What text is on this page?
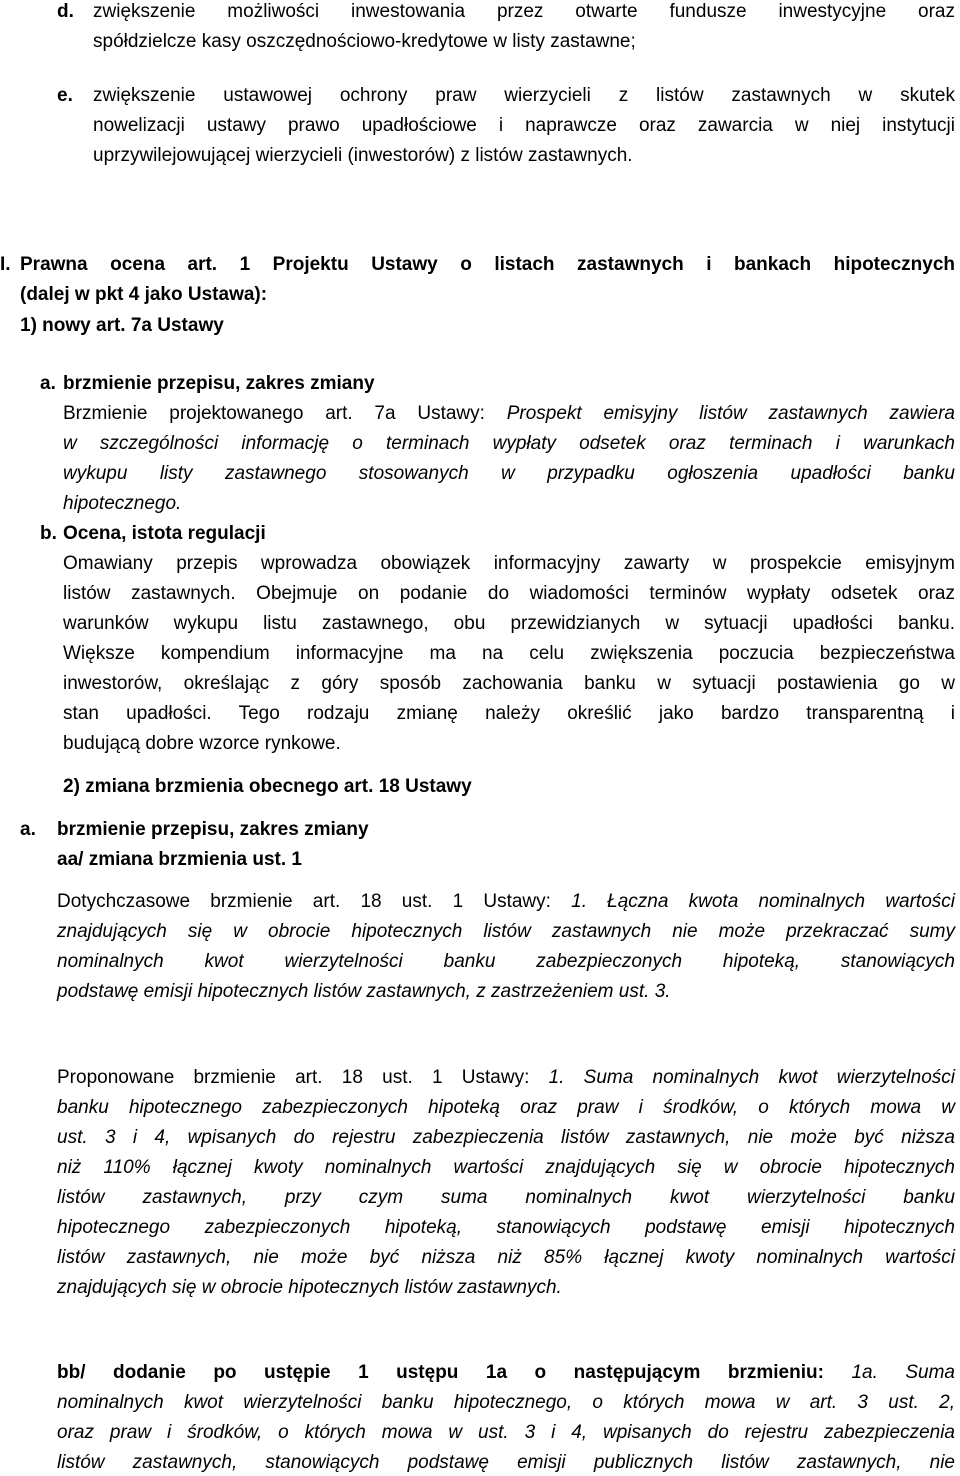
d. zwiększenie możliwości inwestowania przez otwarte fundusze inwestycyjne oraz
spółdzielcze kasy oszczędnościowo-kredytowe w listy zastawne;
e. zwiększenie ustawowej ochrony praw wierzycieli z listów zastawnych w skutek
nowelizacji ustawy prawo upadłościowe i naprawcze oraz zawarcia w niej instytucji
uprzywilejowującej wierzycieli (inwestorów) z listów zastawnych.
I. Prawna ocena art. 1 Projektu Ustawy o listach zastawnych i bankach hipotecznych
(dalej w pkt 4 jako Ustawa):
1) nowy art. 7a Ustawy
a. brzmienie przepisu, zakres zmiany
Brzmienie projektowanego art. 7a Ustawy: Prospekt emisyjny listów zastawnych zawiera
w szczególności informację o terminach wypłaty odsetek oraz terminach i warunkach
wykupu listy zastawnego stosowanych w przypadku ogłoszenia upadłości banku
hipotecznego.
b. Ocena, istota regulacji
Omawiany przepis wprowadza obowiązek informacyjny zawarty w prospekcie emisyjnym
listów zastawnych. Obejmuje on podanie do wiadomości terminów wypłaty odsetek oraz
warunków wykupu listu zastawnego, obu przewidzianych w sytuacji upadłości banku.
Większe kompendium informacyjne ma na celu zwiększenia poczucia bezpieczeństwa
inwestorów, określając z góry sposób zachowania banku w sytuacji postawienia go w
stan upadłości. Tego rodzaju zmianę należy określić jako bardzo transparentną i
budującą dobre wzorce rynkowe.
2) zmiana brzmienia obecnego art. 18 Ustawy
a. brzmienie przepisu, zakres zmiany
aa/ zmiana brzmienia ust. 1
Dotychczasowe brzmienie art. 18 ust. 1 Ustawy: 1. Łączna kwota nominalnych wartości
znajdujących się w obrocie hipotecznych listów zastawnych nie może przekraczać sumy
nominalnych kwot wierzytelności banku zabezpieczonych hipoteką, stanowiących
podstawę emisji hipotecznych listów zastawnych, z zastrzeżeniem ust. 3.
Proponowane brzmienie art. 18 ust. 1 Ustawy: 1. Suma nominalnych kwot wierzytelności
banku hipotecznego zabezpieczonych hipoteką oraz praw i środków, o których mowa w
ust. 3 i 4, wpisanych do rejestru zabezpieczenia listów zastawnych, nie może być niższa
niż 110% łącznej kwoty nominalnych wartości znajdujących się w obrocie hipotecznych
listów zastawnych, przy czym suma nominalnych kwot wierzytelności banku
hipotecznego zabezpieczonych hipoteką, stanowiących podstawę emisji hipotecznych
listów zastawnych, nie może być niższa niż 85% łącznej kwoty nominalnych wartości
znajdujących się w obrocie hipotecznych listów zastawnych.
bb/ dodanie po ustępie 1 ustępu 1a o następującym brzmieniu: 1a. Suma
nominalnych kwot wierzytelności banku hipotecznego, o których mowa w art. 3 ust. 2,
oraz praw i środków, o których mowa w ust. 3 i 4, wpisanych do rejestru zabezpieczenia
listów zastawnych, stanowiących podstawę emisji publicznych listów zastawnych, nie
